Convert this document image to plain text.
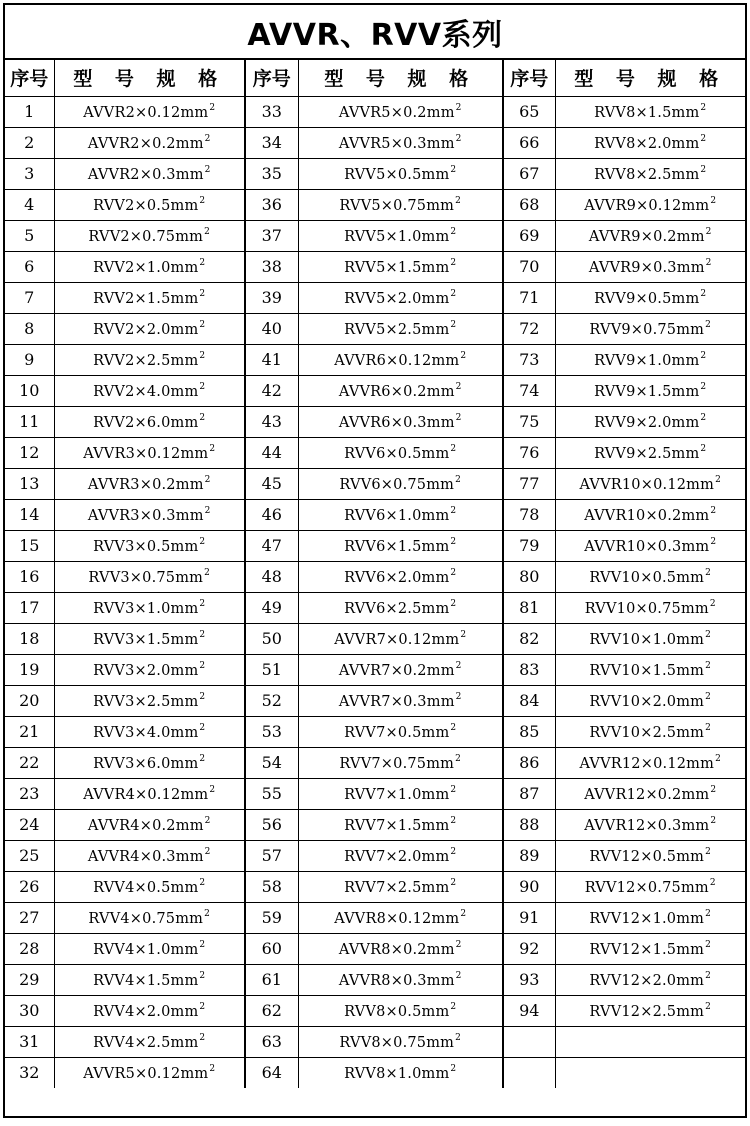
AVVR、RVV系列
序号	型 号 规 格	序号	型 号 规 格	序号	型 号 规 格
1	$AVVR2\times 0.12mm^2$	33	$AVVR5\times 0.2mm^2$	65	$RVV8\times 1.5mm^2$
2	$AVVR2\times 0.2mm^2$	34	$AVVR5\times 0.3mm^2$	66	$RVV8\times 2.0mm^2$
3	$AVVR2\times 0.3mm^2$	35	$RVV5\times 0.5mm^2$	67	$RVV8\times 2.5mm^2$
4	$RVV2\times 0.5mm^2$	36	$RVV5\times 0.75mm^2$	68	$AVVR9\times 0.12mm^2$
5	$RVV2\times 0.75mm^2$	37	$RVV5\times 1.0mm^2$	69	$AVVR9\times 0.2mm^2$
6	$RVV2\times 1.0mm^2$	38	$RVV5\times 1.5mm^2$	70	$AVVR9\times 0.3mm^2$
7	$RVV2\times 1.5mm^2$	39	$RVV5\times 2.0mm^2$	71	$RVV9\times 0.5mm^2$
8	$RVV2\times 2.0mm^2$	40	$RVV5\times 2.5mm^2$	72	$RVV9\times 0.75mm^2$
9	$RVV2\times 2.5mm^2$	41	$AVVR6\times 0.12mm^2$	73	$RVV9\times 1.0mm^2$
10	$RVV2\times 4.0mm^2$	42	$AVVR6\times 0.2mm^2$	74	$RVV9\times 1.5mm^2$
11	$RVV2\times 6.0mm^2$	43	$AVVR6\times 0.3mm^2$	75	$RVV9\times 2.0mm^2$
12	$AVVR3\times 0.12mm^2$	44	$RVV6\times 0.5mm^2$	76	$RVV9\times 2.5mm^2$
13	$AVVR3\times 0.2mm^2$	45	$RVV6\times 0.75mm^2$	77	$AVVR10\times 0.12mm^2$
14	$AVVR3\times 0.3mm^2$	46	$RVV6\times 1.0mm^2$	78	$AVVR10\times 0.2mm^2$
15	$RVV3\times 0.5mm^2$	47	$RVV6\times 1.5mm^2$	79	$AVVR10\times 0.3mm^2$
16	$RVV3\times 0.75mm^2$	48	$RVV6\times 2.0mm^2$	80	$RVV10\times 0.5mm^2$
17	$RVV3\times 1.0mm^2$	49	$RVV6\times 2.5mm^2$	81	$RVV10\times 0.75mm^2$
18	$RVV3\times 1.5mm^2$	50	$AVVR7\times 0.12mm^2$	82	$RVV10\times 1.0mm^2$
19	$RVV3\times 2.0mm^2$	51	$AVVR7\times 0.2mm^2$	83	$RVV10\times 1.5mm^2$
20	$RVV3\times 2.5mm^2$	52	$AVVR7\times 0.3mm^2$	84	$RVV10\times 2.0mm^2$
21	$RVV3\times 4.0mm^2$	53	$RVV7\times 0.5mm^2$	85	$RVV10\times 2.5mm^2$
22	$RVV3\times 6.0mm^2$	54	$RVV7\times 0.75mm^2$	86	$AVVR12\times 0.12mm^2$
23	$AVVR4\times 0.12mm^2$	55	$RVV7\times 1.0mm^2$	87	$AVVR12\times 0.2mm^2$
24	$AVVR4\times 0.2mm^2$	56	$RVV7\times 1.5mm^2$	88	$AVVR12\times 0.3mm^2$
25	$AVVR4\times 0.3mm^2$	57	$RVV7\times 2.0mm^2$	89	$RVV12\times 0.5mm^2$
26	$RVV4\times 0.5mm^2$	58	$RVV7\times 2.5mm^2$	90	$RVV12\times 0.75mm^2$
27	$RVV4\times 0.75mm^2$	59	$AVVR8\times 0.12mm^2$	91	$RVV12\times 1.0mm^2$
28	$RVV4\times 1.0mm^2$	60	$AVVR8\times 0.2mm^2$	92	$RVV12\times 1.5mm^2$
29	$RVV4\times 1.5mm^2$	61	$AVVR8\times 0.3mm^2$	93	$RVV12\times 2.0mm^2$
30	$RVV4\times 2.0mm^2$	62	$RVV8\times 0.5mm^2$	94	$RVV12\times 2.5mm^2$
31	$RVV4\times 2.5mm^2$	63	$RVV8\times 0.75mm^2$		
32	$AVVR5\times 0.12mm^2$	64	$RVV8\times 1.0mm^2$		
